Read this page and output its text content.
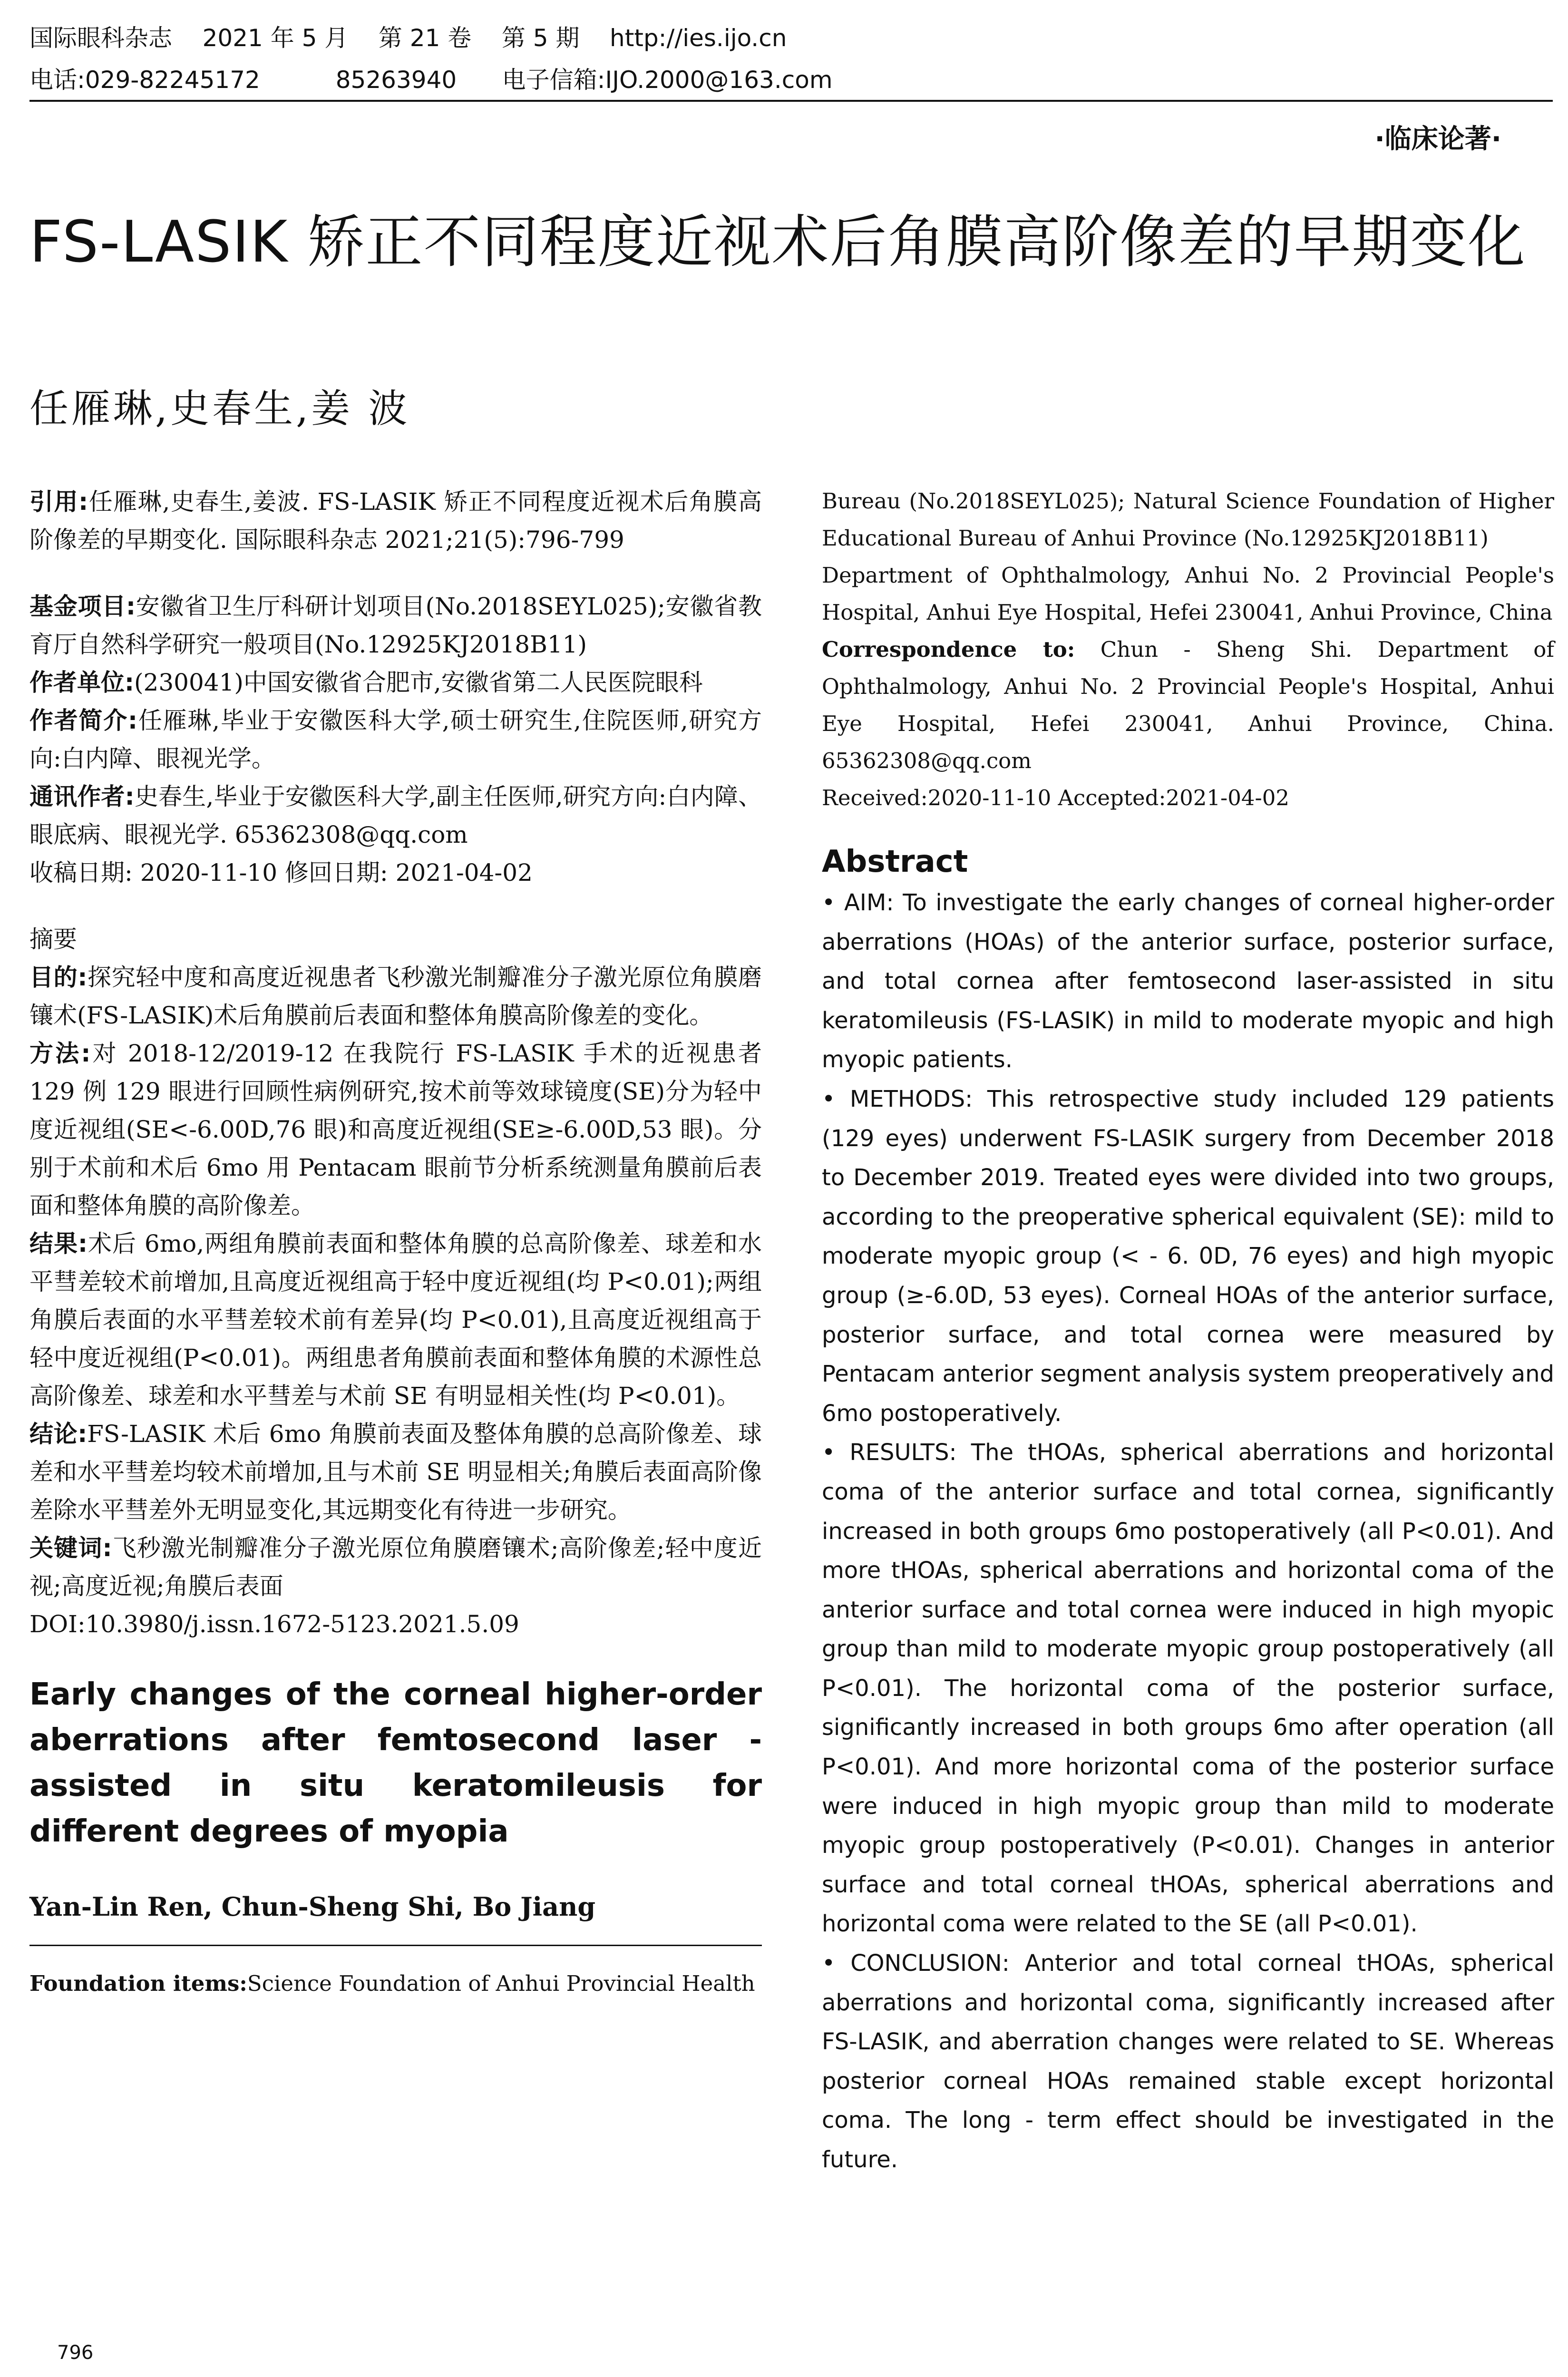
国际眼科杂志    2021 年 5 月    第 21 卷    第 5 期    http://ies.ijo.cn
电话:029-82245172          85263940      电子信箱:IJO.2000@163.com
·临床论著·
FS-LASIK 矫正不同程度近视术后角膜高阶像差的早期变化
任雁琳,史春生,姜 波
引用:任雁琳,史春生,姜波. FS-LASIK 矫正不同程度近视术后角膜高阶像差的早期变化. 国际眼科杂志 2021;21(5):796-799
基金项目:安徽省卫生厅科研计划项目(No.2018SEYL025);安徽省教育厅自然科学研究一般项目(No.12925KJ2018B11)
作者单位:(230041)中国安徽省合肥市,安徽省第二人民医院眼科
作者简介:任雁琳,毕业于安徽医科大学,硕士研究生,住院医师,研究方向:白内障、眼视光学。
通讯作者:史春生,毕业于安徽医科大学,副主任医师,研究方向:白内障、眼底病、眼视光学. 65362308@qq.com
收稿日期: 2020-11-10 修回日期: 2021-04-02
摘要
目的:探究轻中度和高度近视患者飞秒激光制瓣准分子激光原位角膜磨镶术(FS-LASIK)术后角膜前后表面和整体角膜高阶像差的变化。
方法:对 2018-12/2019-12 在我院行 FS-LASIK 手术的近视患者 129 例 129 眼进行回顾性病例研究,按术前等效球镜度(SE)分为轻中度近视组(SE<-6.00D,76 眼)和高度近视组(SE≥-6.00D,53 眼)。分别于术前和术后 6mo 用 Pentacam 眼前节分析系统测量角膜前后表面和整体角膜的高阶像差。
结果:术后 6mo,两组角膜前表面和整体角膜的总高阶像差、球差和水平彗差较术前增加,且高度近视组高于轻中度近视组(均 P<0.01);两组角膜后表面的水平彗差较术前有差异(均 P<0.01),且高度近视组高于轻中度近视组(P<0.01)。两组患者角膜前表面和整体角膜的术源性总高阶像差、球差和水平彗差与术前 SE 有明显相关性(均 P<0.01)。
结论:FS-LASIK 术后 6mo 角膜前表面及整体角膜的总高阶像差、球差和水平彗差均较术前增加,且与术前 SE 明显相关;角膜后表面高阶像差除水平彗差外无明显变化,其远期变化有待进一步研究。
关键词:飞秒激光制瓣准分子激光原位角膜磨镶术;高阶像差;轻中度近视;高度近视;角膜后表面
DOI:10.3980/j.issn.1672-5123.2021.5.09
Early changes of the corneal higher-order aberrations after femtosecond laser - assisted in situ keratomileusis for different degrees of myopia
Yan-Lin Ren, Chun-Sheng Shi, Bo Jiang
Foundation items:Science Foundation of Anhui Provincial Health
Bureau (No.2018SEYL025); Natural Science Foundation of Higher Educational Bureau of Anhui Province (No.12925KJ2018B11)
Department of Ophthalmology, Anhui No. 2 Provincial People's Hospital, Anhui Eye Hospital, Hefei 230041, Anhui Province, China
Correspondence to: Chun - Sheng Shi. Department of Ophthalmology, Anhui No. 2 Provincial People's Hospital, Anhui Eye Hospital, Hefei 230041, Anhui Province, China. 65362308@qq.com
Received:2020-11-10 Accepted:2021-04-02
Abstract
• AIM: To investigate the early changes of corneal higher-order aberrations (HOAs) of the anterior surface, posterior surface, and total cornea after femtosecond laser-assisted in situ keratomileusis (FS-LASIK) in mild to moderate myopic and high myopic patients.
• METHODS: This retrospective study included 129 patients (129 eyes) underwent FS-LASIK surgery from December 2018 to December 2019. Treated eyes were divided into two groups, according to the preoperative spherical equivalent (SE): mild to moderate myopic group (< - 6. 0D, 76 eyes) and high myopic group (≥-6.0D, 53 eyes). Corneal HOAs of the anterior surface, posterior surface, and total cornea were measured by Pentacam anterior segment analysis system preoperatively and 6mo postoperatively.
• RESULTS: The tHOAs, spherical aberrations and horizontal coma of the anterior surface and total cornea, significantly increased in both groups 6mo postoperatively (all P<0.01). And more tHOAs, spherical aberrations and horizontal coma of the anterior surface and total cornea were induced in high myopic group than mild to moderate myopic group postoperatively (all P<0.01). The horizontal coma of the posterior surface, significantly increased in both groups 6mo after operation (all P<0.01). And more horizontal coma of the posterior surface were induced in high myopic group than mild to moderate myopic group postoperatively (P<0.01). Changes in anterior surface and total corneal tHOAs, spherical aberrations and horizontal coma were related to the SE (all P<0.01).
• CONCLUSION: Anterior and total corneal tHOAs, spherical aberrations and horizontal coma, significantly increased after FS-LASIK, and aberration changes were related to SE. Whereas posterior corneal HOAs remained stable except horizontal coma. The long - term effect should be investigated in the future.
796
